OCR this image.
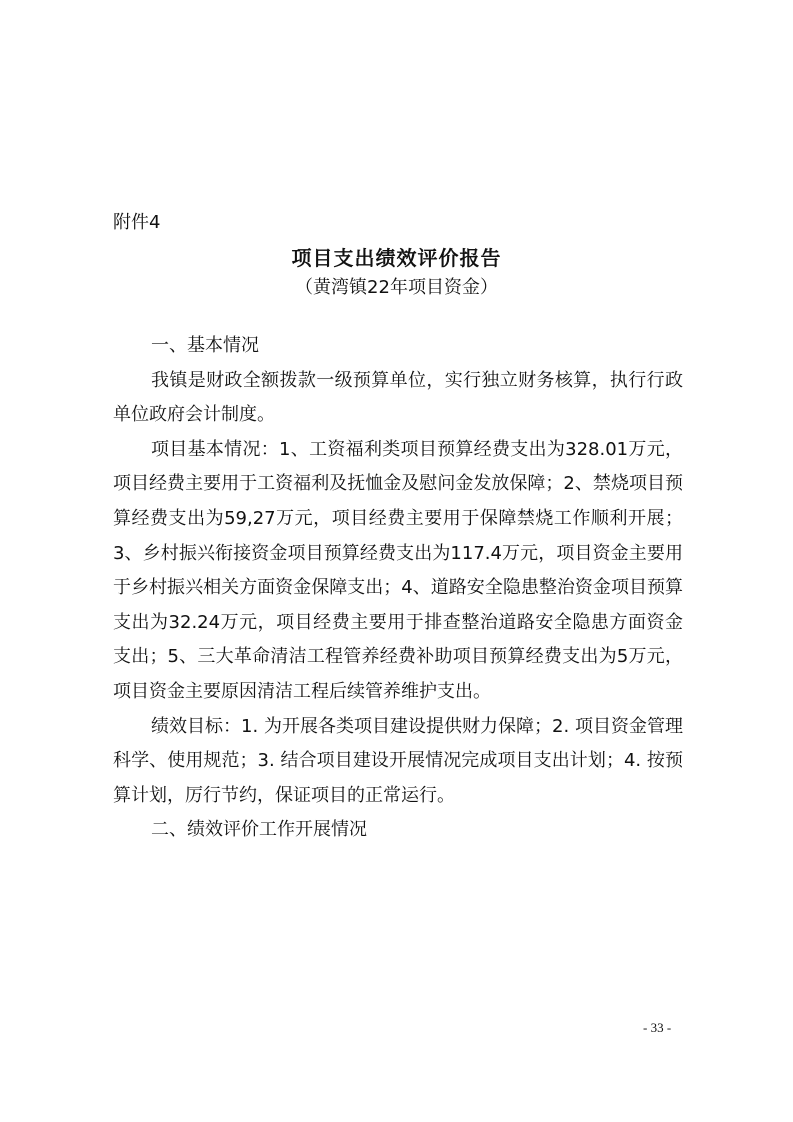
附件4
项目支出绩效评价报告
（黄湾镇22年项目资金）

一、基本情况

我镇是财政全额拨款一级预算单位，实行独立财务核算，执行行政单位政府会计制度。

项目基本情况：1、工资福利类项目预算经费支出为328.01万元，项目经费主要用于工资福利及抚恤金及慰问金发放保障；2、禁烧项目预算经费支出为59,27万元，项目经费主要用于保障禁烧工作顺利开展；3、乡村振兴衔接资金项目预算经费支出为117.4万元，项目资金主要用于乡村振兴相关方面资金保障支出；4、道路安全隐患整治资金项目预算支出为32.24万元，项目经费主要用于排查整治道路安全隐患方面资金支出；5、三大革命清洁工程管养经费补助项目预算经费支出为5万元，项目资金主要原因清洁工程后续管养维护支出。

绩效目标：1. 为开展各类项目建设提供财力保障；2. 项目资金管理科学、使用规范；3. 结合项目建设开展情况完成项目支出计划；4. 按预算计划，厉行节约，保证项目的正常运行。

二、绩效评价工作开展情况

- 33 -
